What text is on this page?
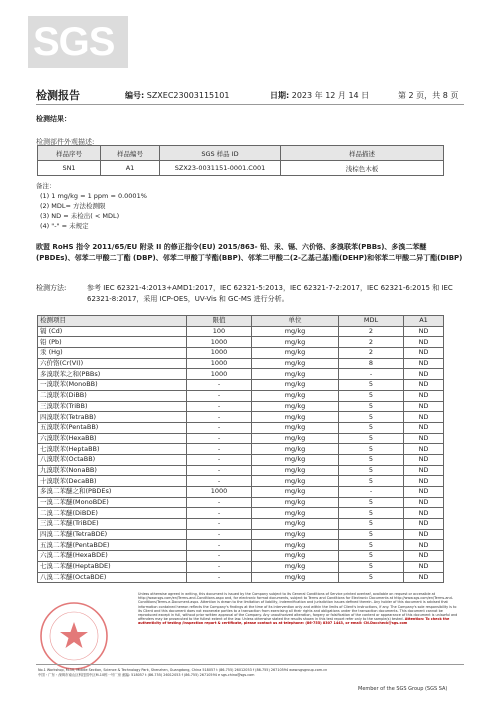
SGS
检测报告	编号: SZXEC23003115101	日期: 2023 年 12 月 14 日	第 2 页，共 8 页
检测结果：
检测部件外观描述:
样品序号	样品编号	SGS 样品 ID	样品描述
SN1	A1	SZX23-0031151-0001.C001	浅棕色木板
备注：
(1) 1 mg/kg = 1 ppm = 0.0001%
(2) MDL= 方法检测限
(3) ND = 未检出( < MDL)
(4) "-" = 未规定
欧盟 RoHS 指令 2011/65/EU 附录 II 的修正指令(EU) 2015/863- 铅、汞、镉、六价铬、多溴联苯(PBBs)、多溴二苯醚(PBDEs)、邻苯二甲酸二丁酯 (DBP)、邻苯二甲酸丁苄酯(BBP)、邻苯二甲酸二(2-乙基己基)酯(DEHP)和邻苯二甲酸二异丁酯(DIBP)
检测方法:	参考 IEC 62321-4:2013+AMD1:2017，IEC 62321-5:2013，IEC 62321-7-2:2017，IEC 62321-6:2015 和 IEC 62321-8:2017，采用 ICP-OES，UV-Vis 和 GC-MS 进行分析。
检测项目	限值	单位	MDL	A1
镉 (Cd)	100	mg/kg	2	ND
铅 (Pb)	1000	mg/kg	2	ND
汞 (Hg)	1000	mg/kg	2	ND
六价铬(Cr(VI))	1000	mg/kg	8	ND
多溴联苯之和(PBBs)	1000	mg/kg	-	ND
一溴联苯(MonoBB)	-	mg/kg	5	ND
二溴联苯(DiBB)	-	mg/kg	5	ND
三溴联苯(TriBB)	-	mg/kg	5	ND
四溴联苯(TetraBB)	-	mg/kg	5	ND
五溴联苯(PentaBB)	-	mg/kg	5	ND
六溴联苯(HexaBB)	-	mg/kg	5	ND
七溴联苯(HeptaBB)	-	mg/kg	5	ND
八溴联苯(OctaBB)	-	mg/kg	5	ND
九溴联苯(NonaBB)	-	mg/kg	5	ND
十溴联苯(DecaBB)	-	mg/kg	5	ND
多溴二苯醚之和(PBDEs)	1000	mg/kg	-	ND
一溴二苯醚(MonoBDE)	-	mg/kg	5	ND
二溴二苯醚(DiBDE)	-	mg/kg	5	ND
三溴二苯醚(TriBDE)	-	mg/kg	5	ND
四溴二苯醚(TetraBDE)	-	mg/kg	5	ND
五溴二苯醚(PentaBDE)	-	mg/kg	5	ND
六溴二苯醚(HexaBDE)	-	mg/kg	5	ND
七溴二苯醚(HeptaBDE)	-	mg/kg	5	ND
八溴二苯醚(OctaBDE)	-	mg/kg	5	ND
Unless otherwise agreed in writing, this document is issued by the Company subject to its General Conditions of Service printed overleaf, available on request or accessible at http://www.sgs.com/en/Terms-and-Conditions.aspx and, for electronic format documents, subject to Terms and Conditions for Electronic Documents at http://www.sgs.com/en/Terms-and-Conditions/Terms-e-Document.aspx. Attention is drawn to the limitation of liability, indemnification and jurisdiction issues defined therein. Any holder of this document is advised that information contained hereon reflects the Company's findings at the time of its intervention only and within the limits of Client's instructions, if any. The Company's sole responsibility is to its Client and this document does not exonerate parties to a transaction from exercising all their rights and obligations under the transaction documents. This document cannot be reproduced except in full, without prior written approval of the Company. Any unauthorized alteration, forgery or falsification of the content or appearance of this document is unlawful and offenders may be prosecuted to the fullest extent of the law. Unless otherwise stated the results shown in this test report refer only to the sample(s) tested. Attention: To check the authenticity of testing /inspection report & certificate, please contact us at telephone: (86-755) 8307 1443, or email: CN.Doccheck@sgs.com
No.1 Workshop, M-10, Middle Section, Science & Technology Park, Shenzhen, Guangdong, China 518057 t (86-755) 26012053 f (86-755) 26710594 www.sgsgroup.com.cn
中国・广东・深圳市南山区科技园中区M-10栋一号厂房 邮编: 518057 t (86-755) 26012053 f (86-755) 26710594 e sgs.china@sgs.com
Member of the SGS Group (SGS SA)
